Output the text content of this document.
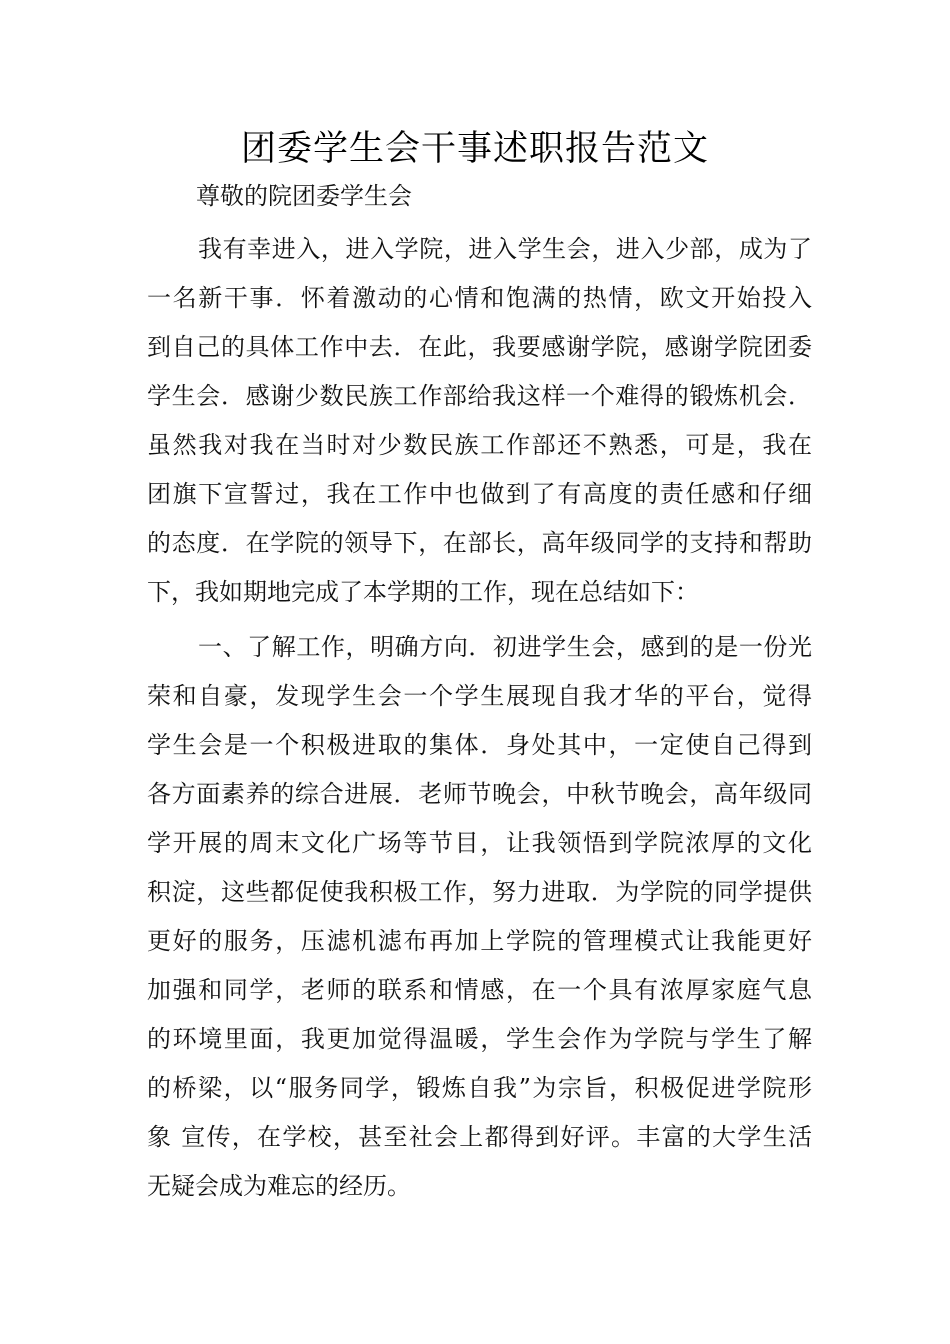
团委学生会干事述职报告范文
尊敬的院团委学生会
我有幸进入，进入学院，进入学生会，进入少部，成为了
一名新干事．怀着激动的心情和饱满的热情，欧文开始投入
到自己的具体工作中去．在此，我要感谢学院，感谢学院团委
学生会．感谢少数民族工作部给我这样一个难得的锻炼机会．
虽然我对我在当时对少数民族工作部还不熟悉，可是，我在
团旗下宣誓过，我在工作中也做到了有高度的责任感和仔细
的态度．在学院的领导下，在部长，高年级同学的支持和帮助
下，我如期地完成了本学期的工作，现在总结如下：
一、了解工作，明确方向．初进学生会，感到的是一份光
荣和自豪，发现学生会一个学生展现自我才华的平台，觉得
学生会是一个积极进取的集体．身处其中，一定使自己得到
各方面素养的综合进展．老师节晚会，中秋节晚会，高年级同
学开展的周末文化广场等节目，让我领悟到学院浓厚的文化
积淀，这些都促使我积极工作，努力进取．为学院的同学提供
更好的服务，压滤机滤布再加上学院的管理模式让我能更好
加强和同学，老师的联系和情感，在一个具有浓厚家庭气息
的环境里面，我更加觉得温暖，学生会作为学院与学生了解
的桥梁，以“服务同学，锻炼自我”为宗旨，积极促进学院形
象 宣传，在学校，甚至社会上都得到好评。丰富的大学生活
无疑会成为难忘的经历。
